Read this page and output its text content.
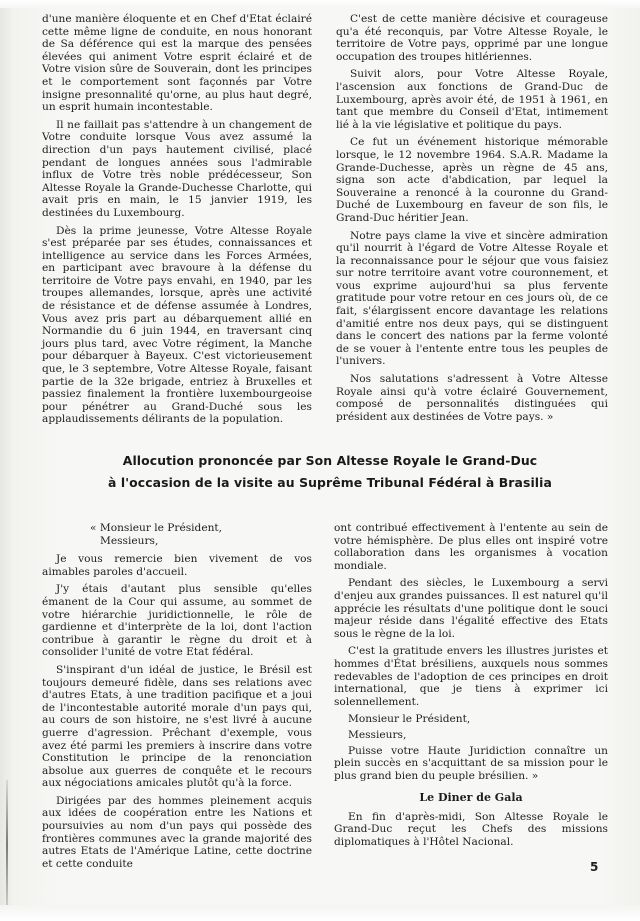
d'une manière éloquente et en Chef d'Etat éclairé cette même ligne de conduite, en nous honorant de Sa déférence qui est la marque des pensées élevées qui animent Votre esprit éclairé et de Votre vision sûre de Souverain, dont les principes et le comportement sont façonnés par Votre insigne presonnalité qu'orne, au plus haut degré, un esprit humain incontestable.

Il ne faillait pas s'attendre à un changement de Votre conduite lorsque Vous avez assumé la direction d'un pays hautement civilisé, placé pendant de longues années sous l'admirable influx de Votre très noble prédécesseur, Son Altesse Royale la Grande-Duchesse Charlotte, qui avait pris en main, le 15 janvier 1919, les destinées du Luxembourg.

Dès la prime jeunesse, Votre Altesse Royale s'est préparée par ses études, connaissances et intelligence au service dans les Forces Armées, en participant avec bravoure à la défense du territoire de Votre pays envahi, en 1940, par les troupes allemandes, lorsque, après une activité de résistance et de défense assumée à Londres, Vous avez pris part au débarquement allié en Normandie du 6 juin 1944, en traversant cinq jours plus tard, avec Votre régiment, la Manche pour débarquer à Bayeux. C'est victorieusement que, le 3 septembre, Votre Altesse Royale, faisant partie de la 32e brigade, entriez à Bruxelles et passiez finalement la frontière luxembourgeoise pour pénétrer au Grand-Duché sous les applaudissements délirants de la population.

C'est de cette manière décisive et courageuse qu'a été reconquis, par Votre Altesse Royale, le territoire de Votre pays, opprimé par une longue occupation des troupes hitlériennes.

Suivit alors, pour Votre Altesse Royale, l'ascension aux fonctions de Grand-Duc de Luxembourg, après avoir été, de 1951 à 1961, en tant que membre du Conseil d'Etat, intimement lié à la vie législative et politique du pays.

Ce fut un événement historique mémorable lorsque, le 12 novembre 1964. S.A.R. Madame la Grande-Duchesse, après un règne de 45 ans, signa son acte d'abdication, par lequel la Souveraine a renoncé à la couronne du Grand-Duché de Luxembourg en faveur de son fils, le Grand-Duc héritier Jean.

Notre pays clame la vive et sincère admiration qu'il nourrit à l'égard de Votre Altesse Royale et la reconnaissance pour le séjour que vous faisiez sur notre territoire avant votre couronnement, et vous exprime aujourd'hui sa plus fervente gratitude pour votre retour en ces jours où, de ce fait, s'élargissent encore davantage les relations d'amitié entre nos deux pays, qui se distinguent dans le concert des nations par la ferme volonté de se vouer à l'entente entre tous les peuples de l'univers.

Nos salutations s'adressent à Votre Altesse Royale ainsi qu'à votre éclairé Gouvernement, composé de personnalités distinguées qui président aux destinées de Votre pays. »

Allocution prononcée par Son Altesse Royale le Grand-Duc
à l'occasion de la visite au Suprême Tribunal Fédéral à Brasilia

« Monsieur le Président,

Messieurs,

Je vous remercie bien vivement de vos aimables paroles d'accueil.

J'y étais d'autant plus sensible qu'elles émanent de la Cour qui assume, au sommet de votre hiérarchie juridictionnelle, le rôle de gardienne et d'interprète de la loi, dont l'action contribue à garantir le règne du droit et à consolider l'unité de votre Etat fédéral.

S'inspirant d'un idéal de justice, le Brésil est toujours demeuré fidèle, dans ses relations avec d'autres Etats, à une tradition pacifique et a joui de l'incontestable autorité morale d'un pays qui, au cours de son histoire, ne s'est livré à aucune guerre d'agression. Prêchant d'exemple, vous avez été parmi les premiers à inscrire dans votre Constitution le principe de la renonciation absolue aux guerres de conquête et le recours aux négociations amicales plutôt qu'à la force.

Dirigées par des hommes pleinement acquis aux idées de coopération entre les Nations et poursuivies au nom d'un pays qui possède des frontières communes avec la grande majorité des autres Etats de l'Amérique Latine, cette doctrine et cette conduite

ont contribué effectivement à l'entente au sein de votre hémisphère. De plus elles ont inspiré votre collaboration dans les organismes à vocation mondiale.

Pendant des siècles, le Luxembourg a servi d'enjeu aux grandes puissances. Il est naturel qu'il apprécie les résultats d'une politique dont le souci majeur réside dans l'égalité effective des Etats sous le règne de la loi.

C'est la gratitude envers les illustres juristes et hommes d'État brésiliens, auxquels nous sommes redevables de l'adoption de ces principes en droit international, que je tiens à exprimer ici solennellement.

Monsieur le Président,

Messieurs,

Puisse votre Haute Juridiction connaître un plein succès en s'acquittant de sa mission pour le plus grand bien du peuple brésilien. »

Le Diner de Gala

En fin d'après-midi, Son Altesse Royale le Grand-Duc reçut les Chefs des missions diplomatiques à l'Hôtel Nacional.

5
